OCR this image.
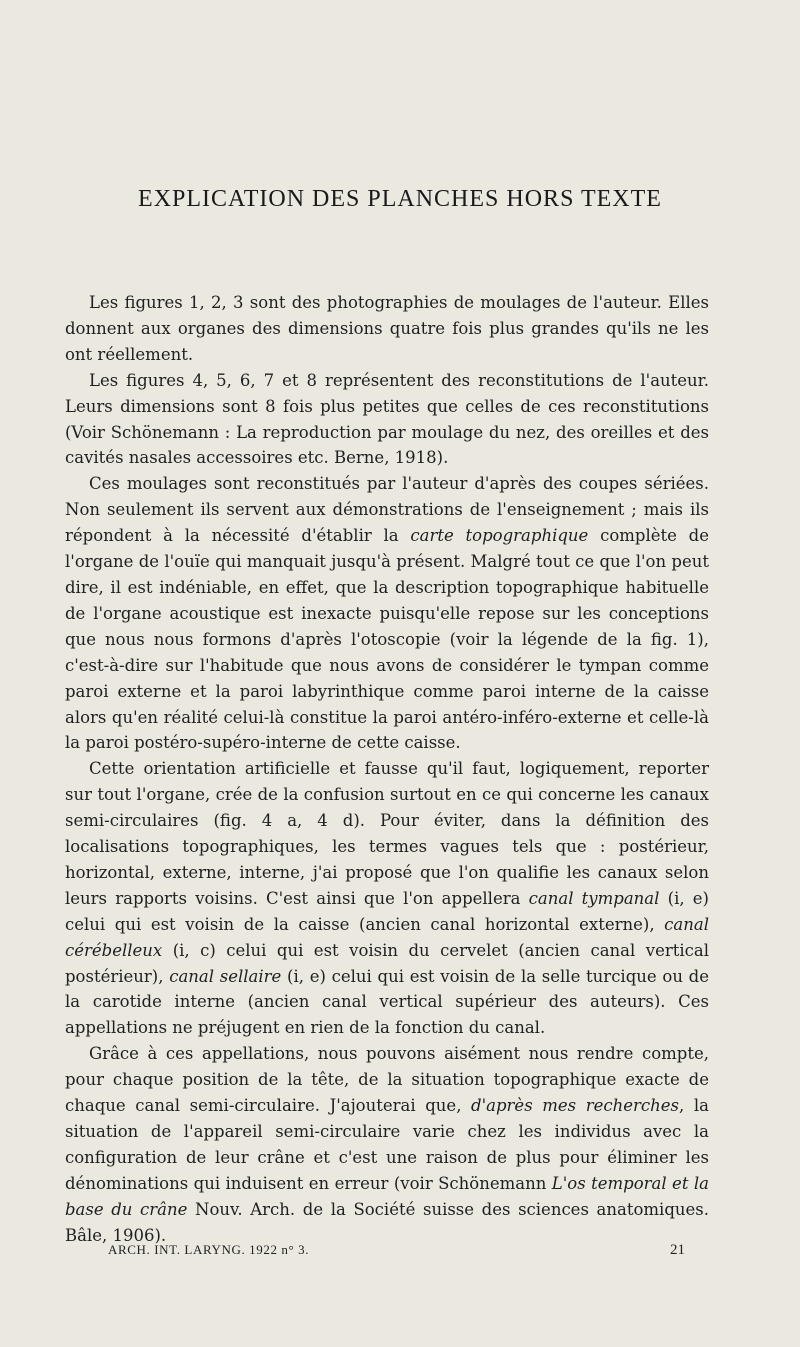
EXPLICATION DES PLANCHES HORS TEXTE

Les figures 1, 2, 3 sont des photographies de moulages de l'auteur. Elles donnent aux organes des dimensions quatre fois plus grandes qu'ils ne les ont réellement.

Les figures 4, 5, 6, 7 et 8 représentent des reconstitutions de l'auteur. Leurs dimensions sont 8 fois plus petites que celles de ces reconstitutions (Voir Schönemann : La reproduction par moulage du nez, des oreilles et des cavités nasales accessoires etc. Berne, 1918).

Ces moulages sont reconstitués par l'auteur d'après des coupes sériées. Non seulement ils servent aux démonstrations de l'enseignement ; mais ils répondent à la nécessité d'établir la carte topographique complète de l'organe de l'ouïe qui manquait jusqu'à présent. Malgré tout ce que l'on peut dire, il est indéniable, en effet, que la description topographique habituelle de l'organe acoustique est inexacte puisqu'elle repose sur les conceptions que nous nous formons d'après l'otoscopie (voir la légende de la fig. 1), c'est-à-dire sur l'habitude que nous avons de considérer le tympan comme paroi externe et la paroi labyrinthique comme paroi interne de la caisse alors qu'en réalité celui-là constitue la paroi antéro-inféro-externe et celle-là la paroi postéro-supéro-interne de cette caisse.

Cette orientation artificielle et fausse qu'il faut, logiquement, reporter sur tout l'organe, crée de la confusion surtout en ce qui concerne les canaux semi-circulaires (fig. 4 a, 4 d). Pour éviter, dans la définition des localisations topographiques, les termes vagues tels que : postérieur, horizontal, externe, interne, j'ai proposé que l'on qualifie les canaux selon leurs rapports voisins. C'est ainsi que l'on appellera canal tympanal (i, e) celui qui est voisin de la caisse (ancien canal horizontal externe), canal cérébelleux (i, c) celui qui est voisin du cervelet (ancien canal vertical postérieur), canal sellaire (i, e) celui qui est voisin de la selle turcique ou de la carotide interne (ancien canal vertical supérieur des auteurs). Ces appellations ne préjugent en rien de la fonction du canal.

Grâce à ces appellations, nous pouvons aisément nous rendre compte, pour chaque position de la tête, de la situation topographique exacte de chaque canal semi-circulaire. J'ajouterai que, d'après mes recherches, la situation de l'appareil semi-circulaire varie chez les individus avec la configuration de leur crâne et c'est une raison de plus pour éliminer les dénominations qui induisent en erreur (voir Schönemann L'os temporal et la base du crâne Nouv. Arch. de la Société suisse des sciences anatomiques. Bâle, 1906).

ARCH. INT. LARYNG. 1922 n° 3.	21
